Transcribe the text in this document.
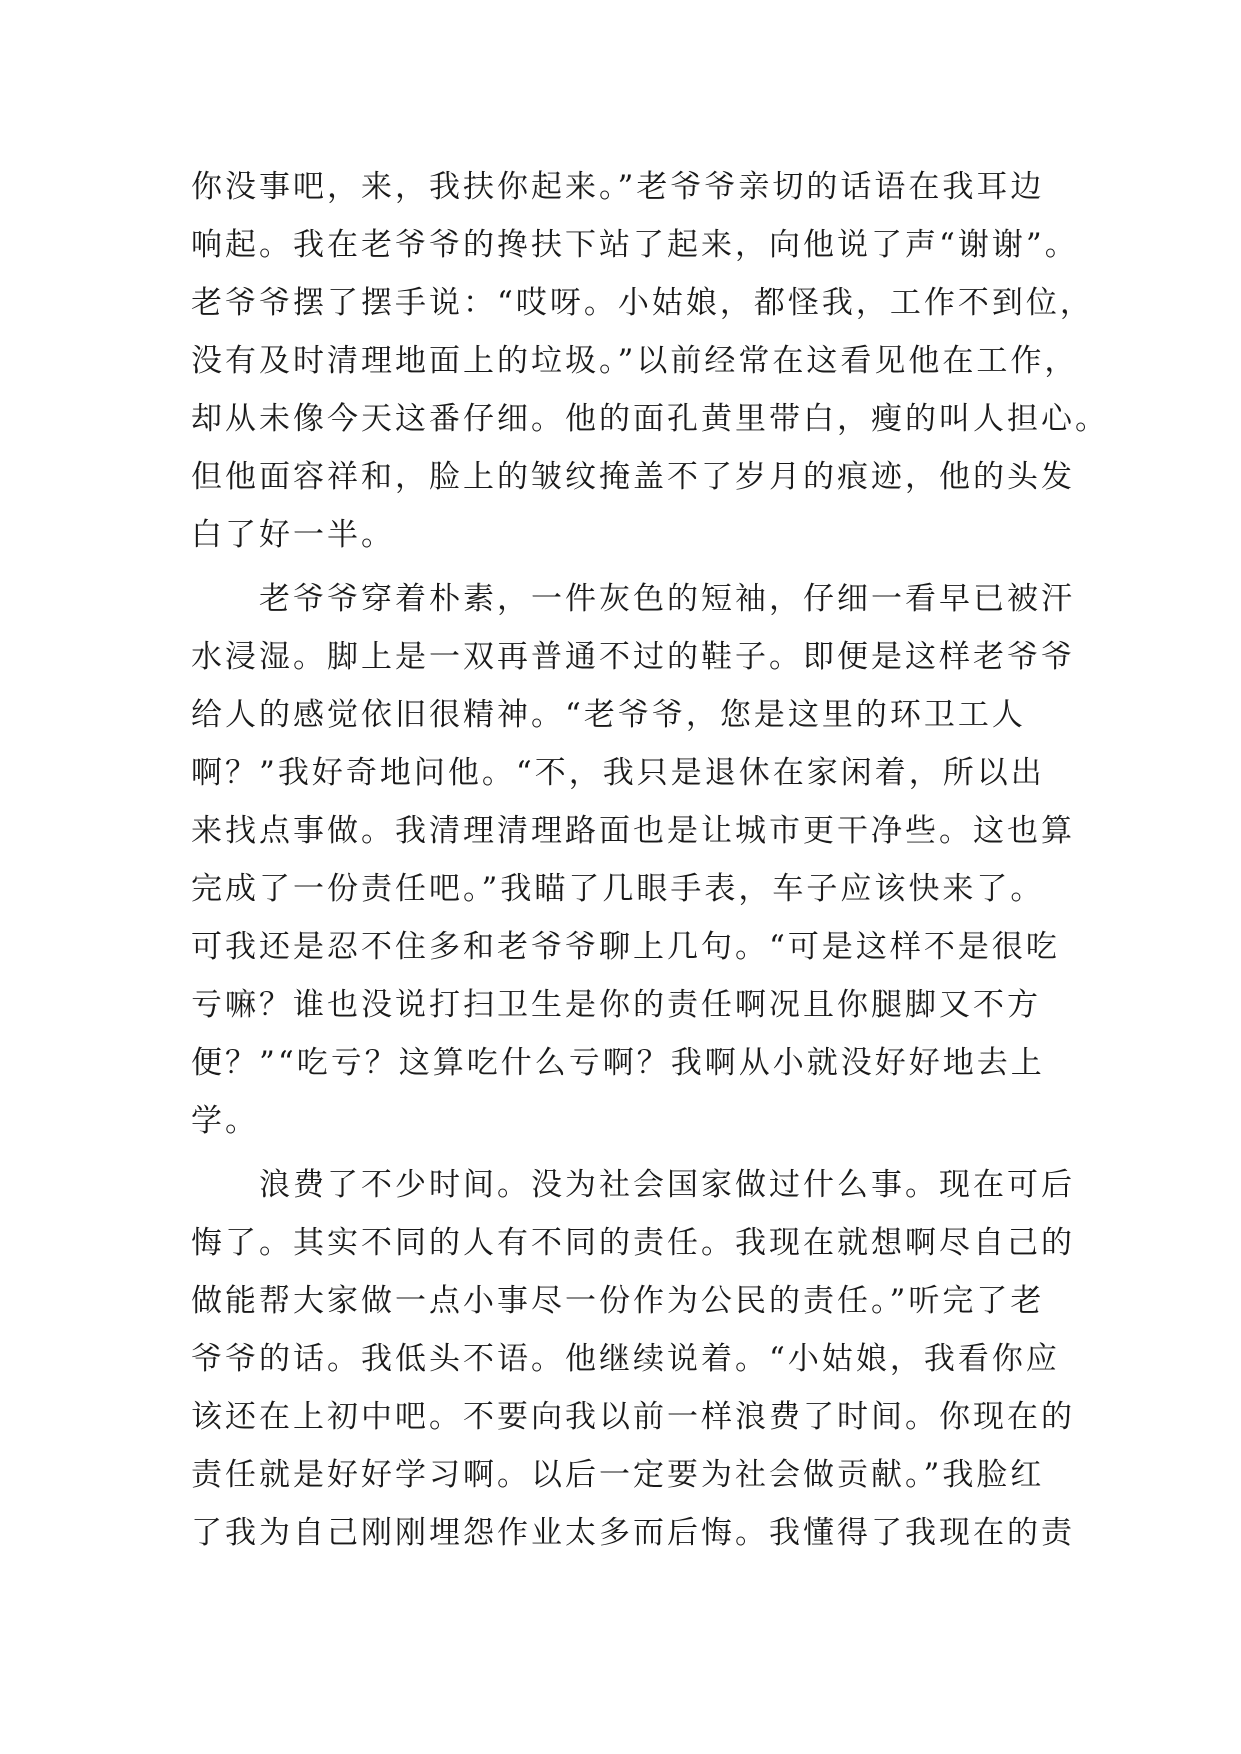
你没事吧，来，我扶你起来。”老爷爷亲切的话语在我耳边
响起。我在老爷爷的搀扶下站了起来，向他说了声“谢谢”。
老爷爷摆了摆手说：“哎呀。小姑娘，都怪我，工作不到位，
没有及时清理地面上的垃圾。”以前经常在这看见他在工作，
却从未像今天这番仔细。他的面孔黄里带白，瘦的叫人担心。
但他面容祥和，脸上的皱纹掩盖不了岁月的痕迹，他的头发
白了好一半。
　　老爷爷穿着朴素，一件灰色的短袖，仔细一看早已被汗
水浸湿。脚上是一双再普通不过的鞋子。即便是这样老爷爷
给人的感觉依旧很精神。“老爷爷，您是这里的环卫工人
啊？”我好奇地问他。“不，我只是退休在家闲着，所以出
来找点事做。我清理清理路面也是让城市更干净些。这也算
完成了一份责任吧。”我瞄了几眼手表，车子应该快来了。
可我还是忍不住多和老爷爷聊上几句。“可是这样不是很吃
亏嘛？谁也没说打扫卫生是你的责任啊况且你腿脚又不方
便？”“吃亏？这算吃什么亏啊？我啊从小就没好好地去上
学。
　　浪费了不少时间。没为社会国家做过什么事。现在可后
悔了。其实不同的人有不同的责任。我现在就想啊尽自己的
做能帮大家做一点小事尽一份作为公民的责任。”听完了老
爷爷的话。我低头不语。他继续说着。“小姑娘，我看你应
该还在上初中吧。不要向我以前一样浪费了时间。你现在的
责任就是好好学习啊。以后一定要为社会做贡献。”我脸红
了我为自己刚刚埋怨作业太多而后悔。我懂得了我现在的责
